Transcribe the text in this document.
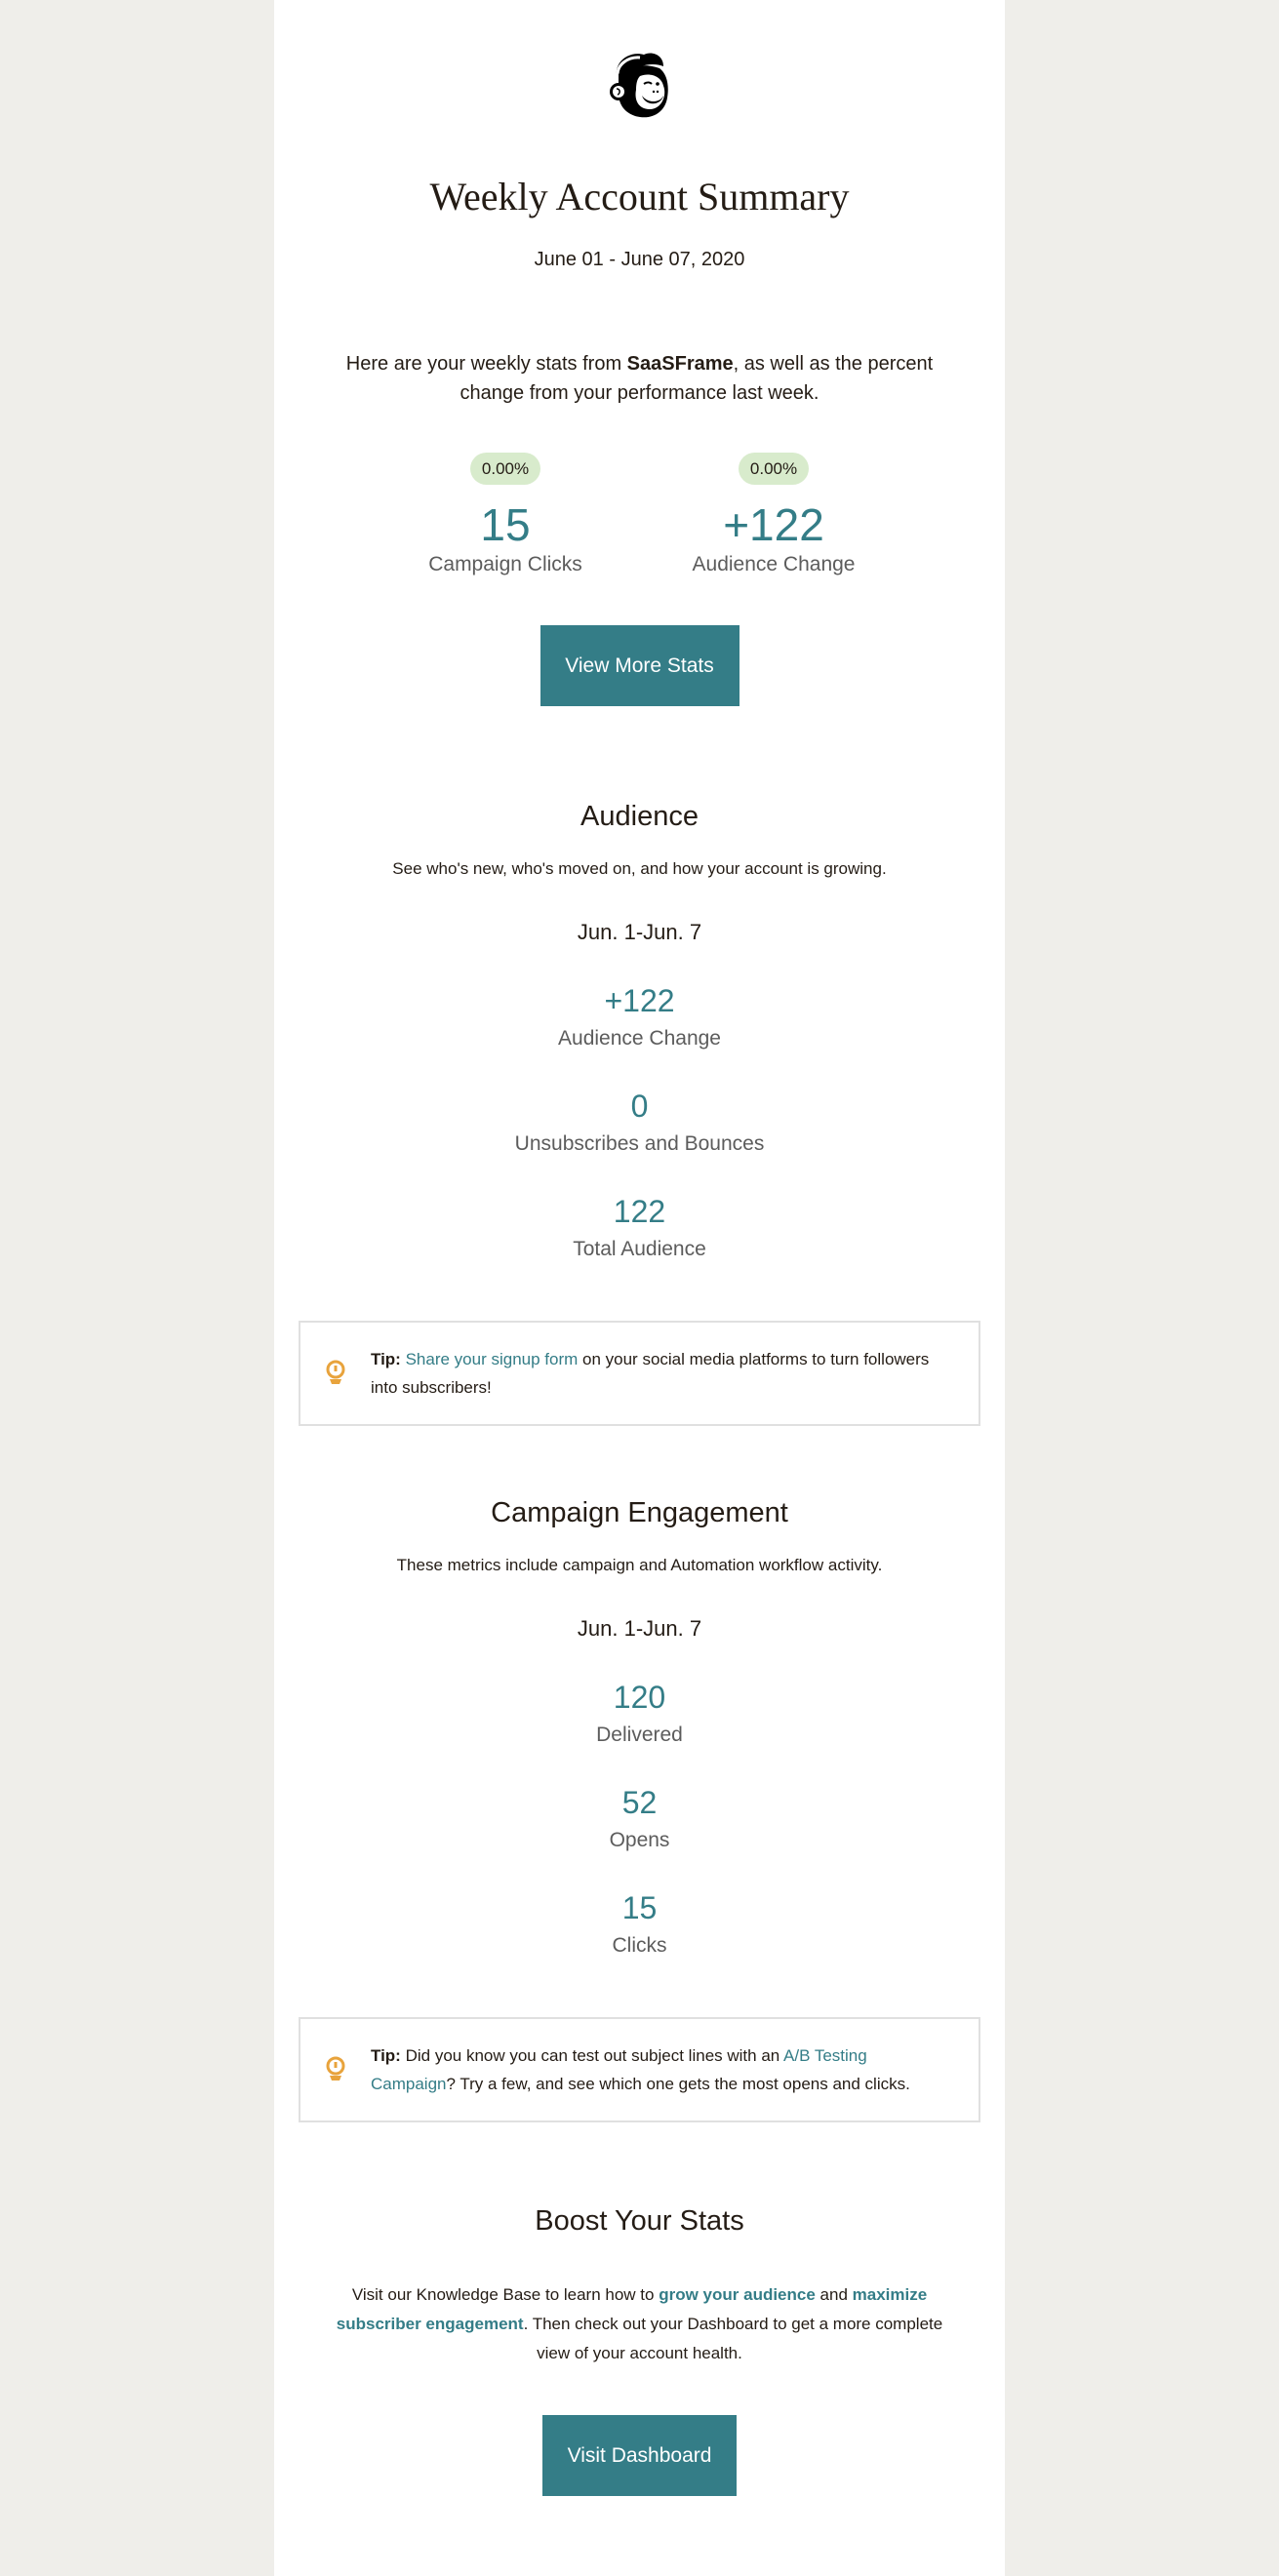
Weekly Account Summary
June 01 - June 07, 2020

Here are your weekly stats from SaaSFrame, as well as the percent change from your performance last week.

0.00%
15
Campaign Clicks
0.00%
+122
Audience Change
View More Stats
Audience
See who's new, who's moved on, and how your account is growing.
Jun. 1-Jun. 7
+122
Audience Change
0
Unsubscribes and Bounces
122
Total Audience
Tip: Share your signup form on your social media platforms to turn followers into subscribers!
Campaign Engagement
These metrics include campaign and Automation workflow activity.
Jun. 1-Jun. 7
120
Delivered
52
Opens
15
Clicks
Tip: Did you know you can test out subject lines with an A/B Testing Campaign? Try a few, and see which one gets the most opens and clicks.
Boost Your Stats

Visit our Knowledge Base to learn how to grow your audience and maximize subscriber engagement. Then check out your Dashboard to get a more complete view of your account health.

Visit Dashboard
